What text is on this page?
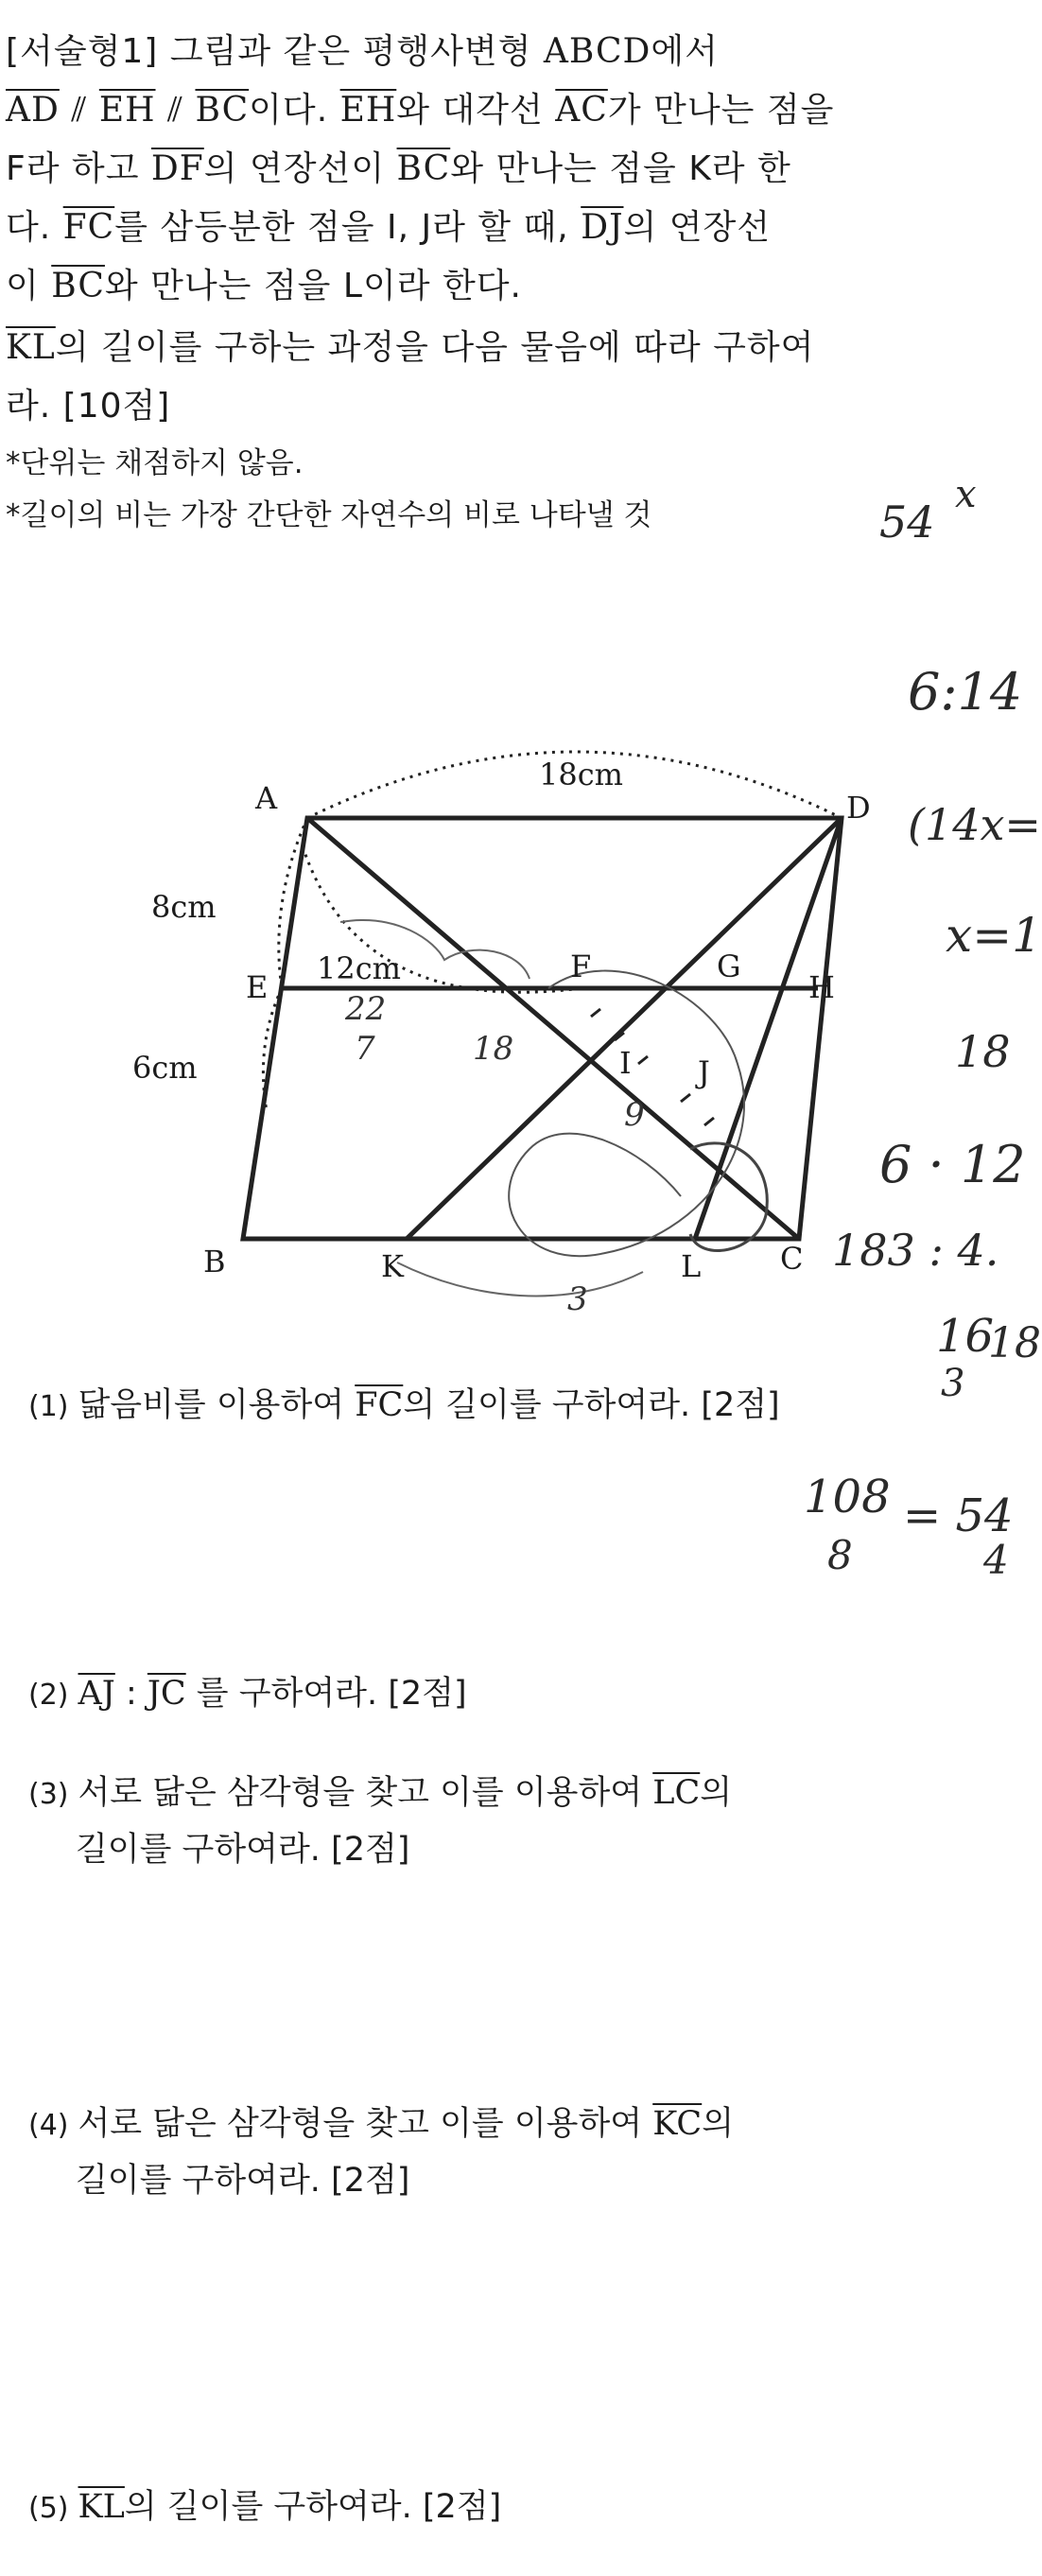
[서술형1] 그림과 같은 평행사변형 ABCD에서
$\overline{AD}$ ⫽ $\overline{EH}$ ⫽ $\overline{BC}$이다. $\overline{EH}$와 대각선 $\overline{AC}$가 만나는 점을
F라 하고 $\overline{DF}$의 연장선이 $\overline{BC}$와 만나는 점을 K라 한
다. $\overline{FC}$를 삼등분한 점을 I, J라 할 때, $\overline{DJ}$의 연장선
이 $\overline{BC}$와 만나는 점을 L이라 한다.
$\overline{KL}$의 길이를 구하는 과정을 다음 물음에 따라 구하여
라. [10점]
*단위는 채점하지 않음.
*길이의 비는 가장 간단한 자연수의 비로 나타낼 것
18cm
8cm
6cm
12cm
A	D
E
F	G
H
I J
B	K	L	C
22
7	18
9
3
54
x
6:14
(14x=
x=1
18
6 · 12
183 : 4.
16
3
18
108
8
= 54
4
(1) 닮음비를 이용하여 $\overline{FC}$의 길이를 구하여라. [2점]
(2) $\overline{AJ}$ : $\overline{JC}$ 를 구하여라. [2점]
(3) 서로 닮은 삼각형을 찾고 이를 이용하여 $\overline{LC}$의
길이를 구하여라. [2점]
(4) 서로 닮은 삼각형을 찾고 이를 이용하여 $\overline{KC}$의
길이를 구하여라. [2점]
(5) $\overline{KL}$의 길이를 구하여라. [2점]
